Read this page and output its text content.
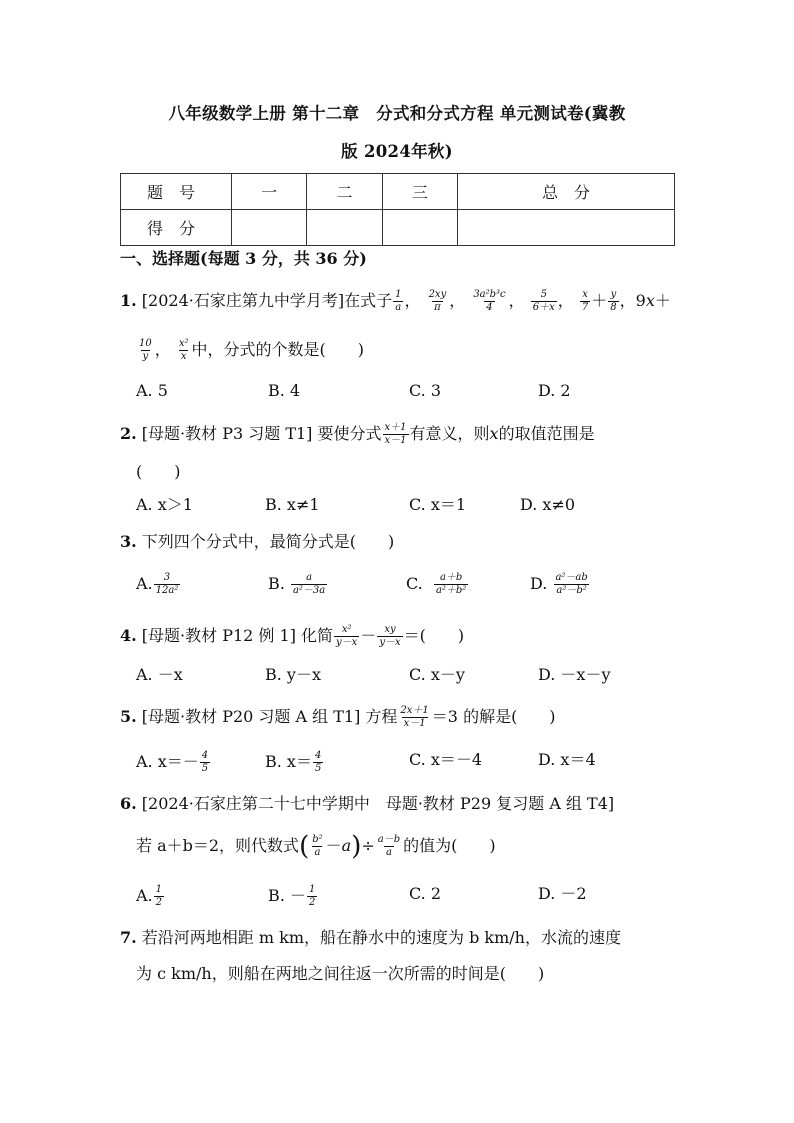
八年级数学上册 第十二章　分式和分式方程 单元测试卷(冀教
版 2024年秋)
题　号	一	二	三	总　分
得　分				
一、选择题(每题 3 分，共 36 分)
1. [2024·石家庄第九中学月考]在式子 $\frac{1}{a}$ ， $\frac{2xy}{\pi}$ ， $\frac{\text{3a²b³c}}{4}$ ， $\frac{5}{6+x}$ ， $\frac{x}{7} + \frac{y}{8}$ ，9x＋
$\frac{10}{y}$ ， $\frac{\text{x²}}{x}$ 中，分式的个数是(　　)
A. 5	B. 4	C. 3	D. 2
2. [母题·教材 P3 习题 T1] 要使分式 $\frac{x+1}{x-1}$ 有意义，则x的取值范围是
(　　)
A. x＞1	B. x≠1	C. x＝1	D. x≠0
3. 下列四个分式中，最简分式是(　　)
A. $\frac{3}{\text{12a²}}$	B. $\frac{a}{\text{a²－3a}}$	C. $\frac{a+b}{\text{a²＋b²}}$	D. $\frac{\text{a²－ab}}{\text{a²－b²}}$
4. [母题·教材 P12 例 1] 化简 $\frac{\text{x²}}{y-x} - \frac{xy}{y-x}$ ＝(　　)
A. －x	B. y－x	C. x－y	D. －x－y
5. [母题·教材 P20 习题 A 组 T1] 方程 $\frac{2x+1}{x-1} =3$ 的解是(　　)
A. $x=- \frac{4}{5}$	B. $x= \frac{4}{5}$	C. x＝－4	D. x＝4
6. [2024·石家庄第二十七中学期中　母题·教材 P29 复习题 A 组 T4]
若 a＋b＝2，则代数式( $\frac{\text{b²}}{a} -a)\div \frac{a-b}{a}$ 的值为(　　)
A. $\frac{1}{2}$	B. － $\frac{1}{2}$	C. 2	D. －2
7. 若沿河两地相距 m km，船在静水中的速度为 b km/h，水流的速度
为 c km/h，则船在两地之间往返一次所需的时间是(　　)
